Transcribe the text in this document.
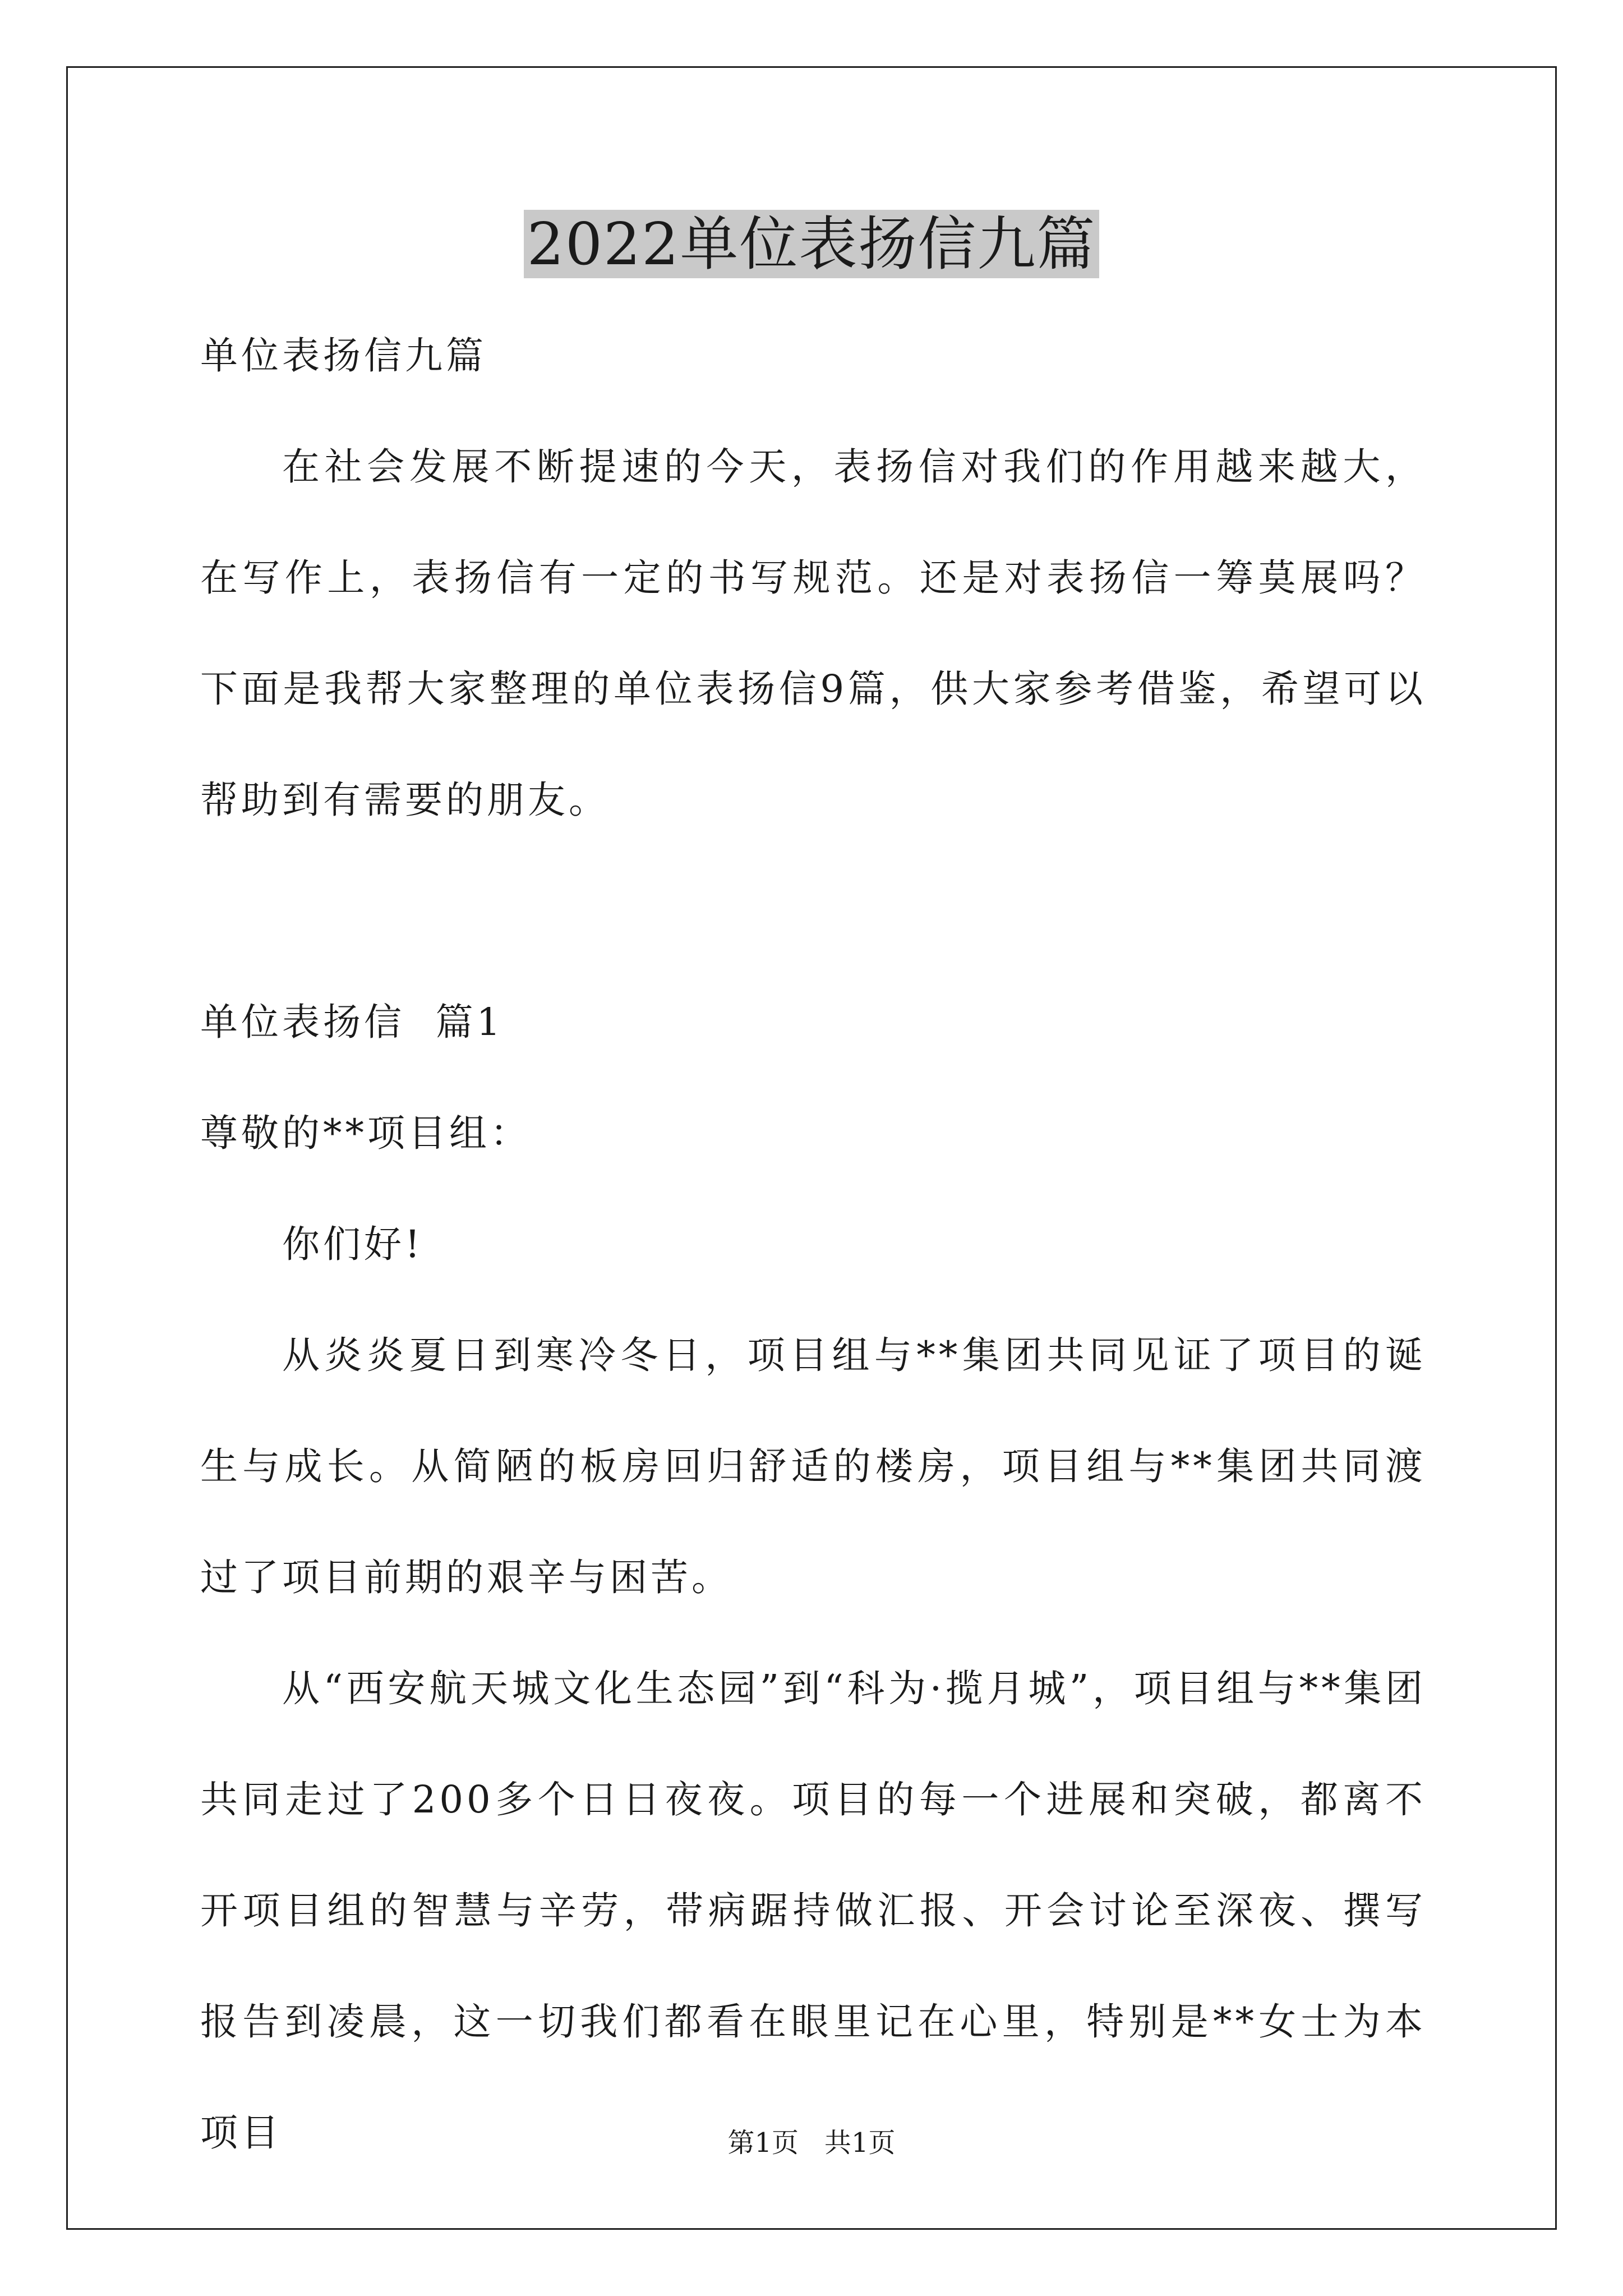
2022单位表扬信九篇
单位表扬信九篇
在社会发展不断提速的今天，表扬信对我们的作用越来越大，在写作上，表扬信有一定的书写规范。还是对表扬信一筹莫展吗？下面是我帮大家整理的单位表扬信9篇，供大家参考借鉴，希望可以帮助到有需要的朋友。
单位表扬信  篇1
尊敬的**项目组：
你们好!
从炎炎夏日到寒冷冬日，项目组与**集团共同见证了项目的诞生与成长。从简陋的板房回归舒适的楼房，项目组与**集团共同渡过了项目前期的艰辛与困苦。
从“西安航天城文化生态园”到“科为·揽月城”，项目组与**集团共同走过了200多个日日夜夜。项目的每一个进展和突破，都离不开项目组的智慧与辛劳，带病踞持做汇报、开会讨论至深夜、撰写报告到凌晨，这一切我们都看在眼里记在心里，特别是**女士为本项目	第1页 共1页
